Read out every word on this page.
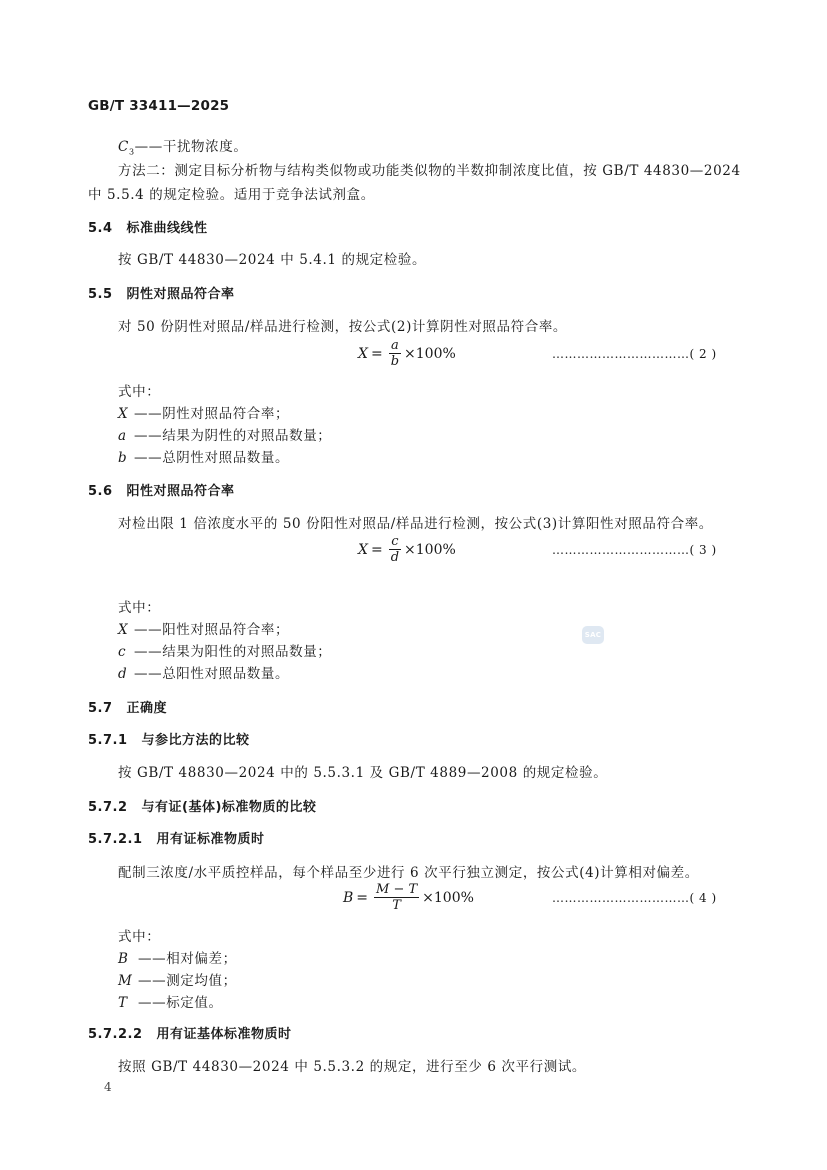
GB/T 33411—2025
$C_3——$干扰物浓度。
方法二：测定目标分析物与结构类似物或功能类似物的半数抑制浓度比值，按 GB/T 44830—2024
中 5.5.4 的规定检验。适用于竞争法试剂盒。
5.4 标准曲线线性
按 GB/T 44830—2024 中 5.4.1 的规定检验。
5.5 阴性对照品符合率
对 50 份阴性对照品/样品进行检测，按公式(2)计算阴性对照品符合率。
$X = \frac{a}{b} \times 100\%$	……………………………( 2 )
式中：
X ——阴性对照品符合率；
a ——结果为阴性的对照品数量；
b ——总阴性对照品数量。
5.6 阳性对照品符合率
对检出限 1 倍浓度水平的 50 份阳性对照品/样品进行检测，按公式(3)计算阳性对照品符合率。
$X = \frac{c}{d} \times 100\%$	……………………………( 3 )
式中：
X ——阳性对照品符合率；
c ——结果为阳性的对照品数量；
d ——总阳性对照品数量。
SAC
5.7 正确度
5.7.1 与参比方法的比较
按 GB/T 48830—2024 中的 5.5.3.1 及 GB/T 4889—2008 的规定检验。
5.7.2 与有证(基体)标准物质的比较
5.7.2.1 用有证标准物质时
配制三浓度/水平质控样品，每个样品至少进行 6 次平行独立测定，按公式(4)计算相对偏差。
$B = \frac{M - T}{T} \times 100\%$	……………………………( 4 )
式中：
B ——相对偏差；
M ——测定均值；
T ——标定值。
5.7.2.2 用有证基体标准物质时
按照 GB/T 44830—2024 中 5.5.3.2 的规定，进行至少 6 次平行测试。
4
